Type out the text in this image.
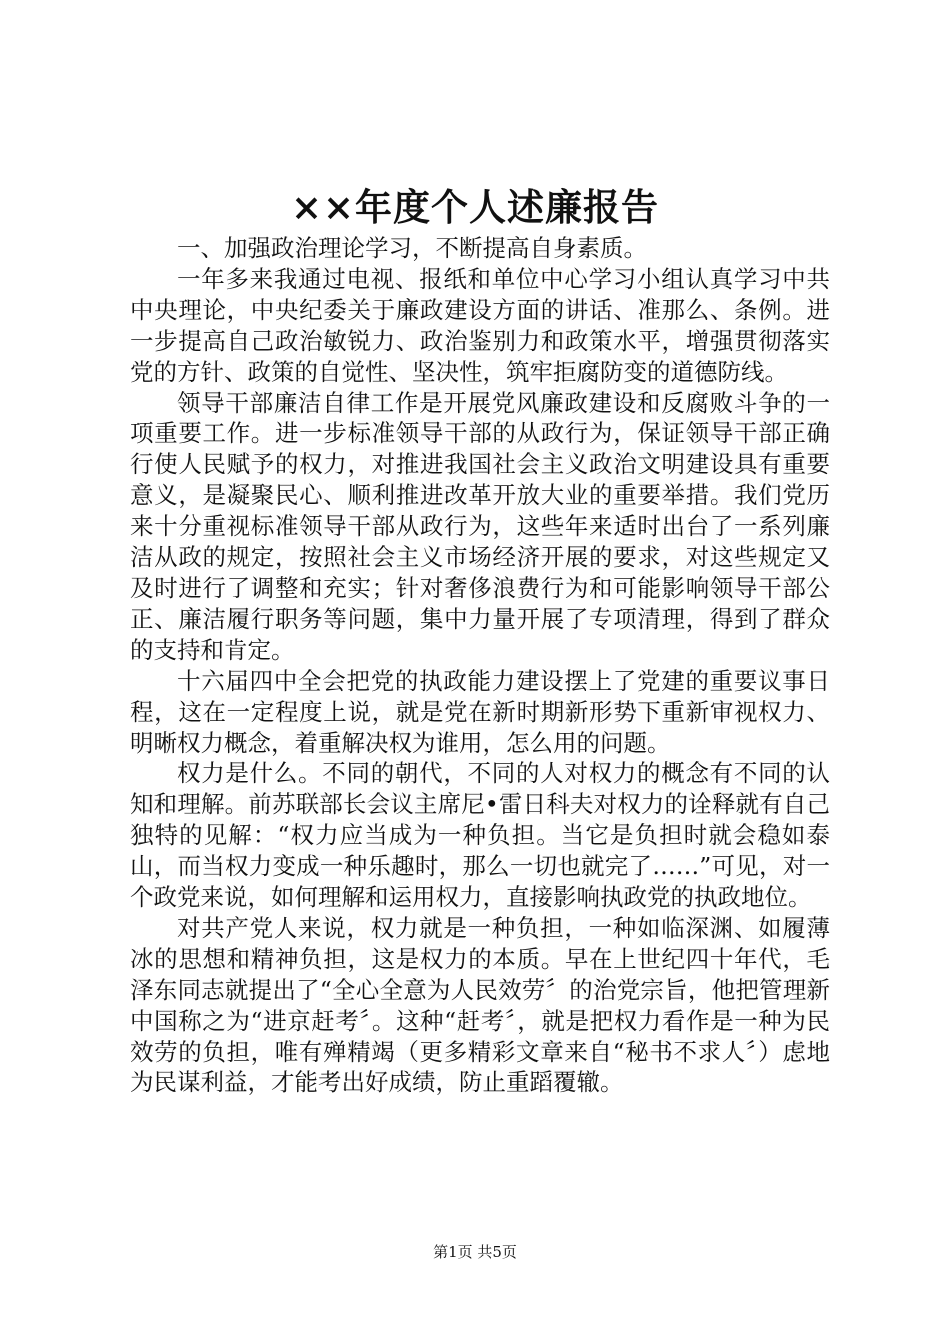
××年度个人述廉报告

一、加强政治理论学习，不断提高自身素质。

一年多来我通过电视、报纸和单位中心学习小组认真学习中共中央理论，中央纪委关于廉政建设方面的讲话、准那么、条例。进一步提高自己政治敏锐力、政治鉴别力和政策水平，增强贯彻落实党的方针、政策的自觉性、坚决性，筑牢拒腐防变的道德防线。

领导干部廉洁自律工作是开展党风廉政建设和反腐败斗争的一项重要工作。进一步标准领导干部的从政行为，保证领导干部正确行使人民赋予的权力，对推进我国社会主义政治文明建设具有重要意义，是凝聚民心、顺利推进改革开放大业的重要举措。我们党历来十分重视标准领导干部从政行为，这些年来适时出台了一系列廉洁从政的规定，按照社会主义市场经济开展的要求，对这些规定又及时进行了调整和充实；针对奢侈浪费行为和可能影响领导干部公正、廉洁履行职务等问题，集中力量开展了专项清理，得到了群众的支持和肯定。

十六届四中全会把党的执政能力建设摆上了党建的重要议事日程，这在一定程度上说，就是党在新时期新形势下重新审视权力、明晰权力概念，着重解决权为谁用，怎么用的问题。

权力是什么。不同的朝代，不同的人对权力的概念有不同的认知和理解。前苏联部长会议主席尼•雷日科夫对权力的诠释就有自己独特的见解：“权力应当成为一种负担。当它是负担时就会稳如泰山，而当权力变成一种乐趣时，那么一切也就完了……”可见，对一个政党来说，如何理解和运用权力，直接影响执政党的执政地位。

对共产党人来说，权力就是一种负担，一种如临深渊、如履薄冰的思想和精神负担，这是权力的本质。早在上世纪四十年代，毛泽东同志就提出了“全心全意为人民效劳〞的治党宗旨，他把管理新中国称之为“进京赶考〞。这种“赶考〞，就是把权力看作是一种为民效劳的负担，唯有殚精竭（更多精彩文章来自“秘书不求人〞）虑地为民谋利益，才能考出好成绩，防止重蹈覆辙。

第1页 共5页
